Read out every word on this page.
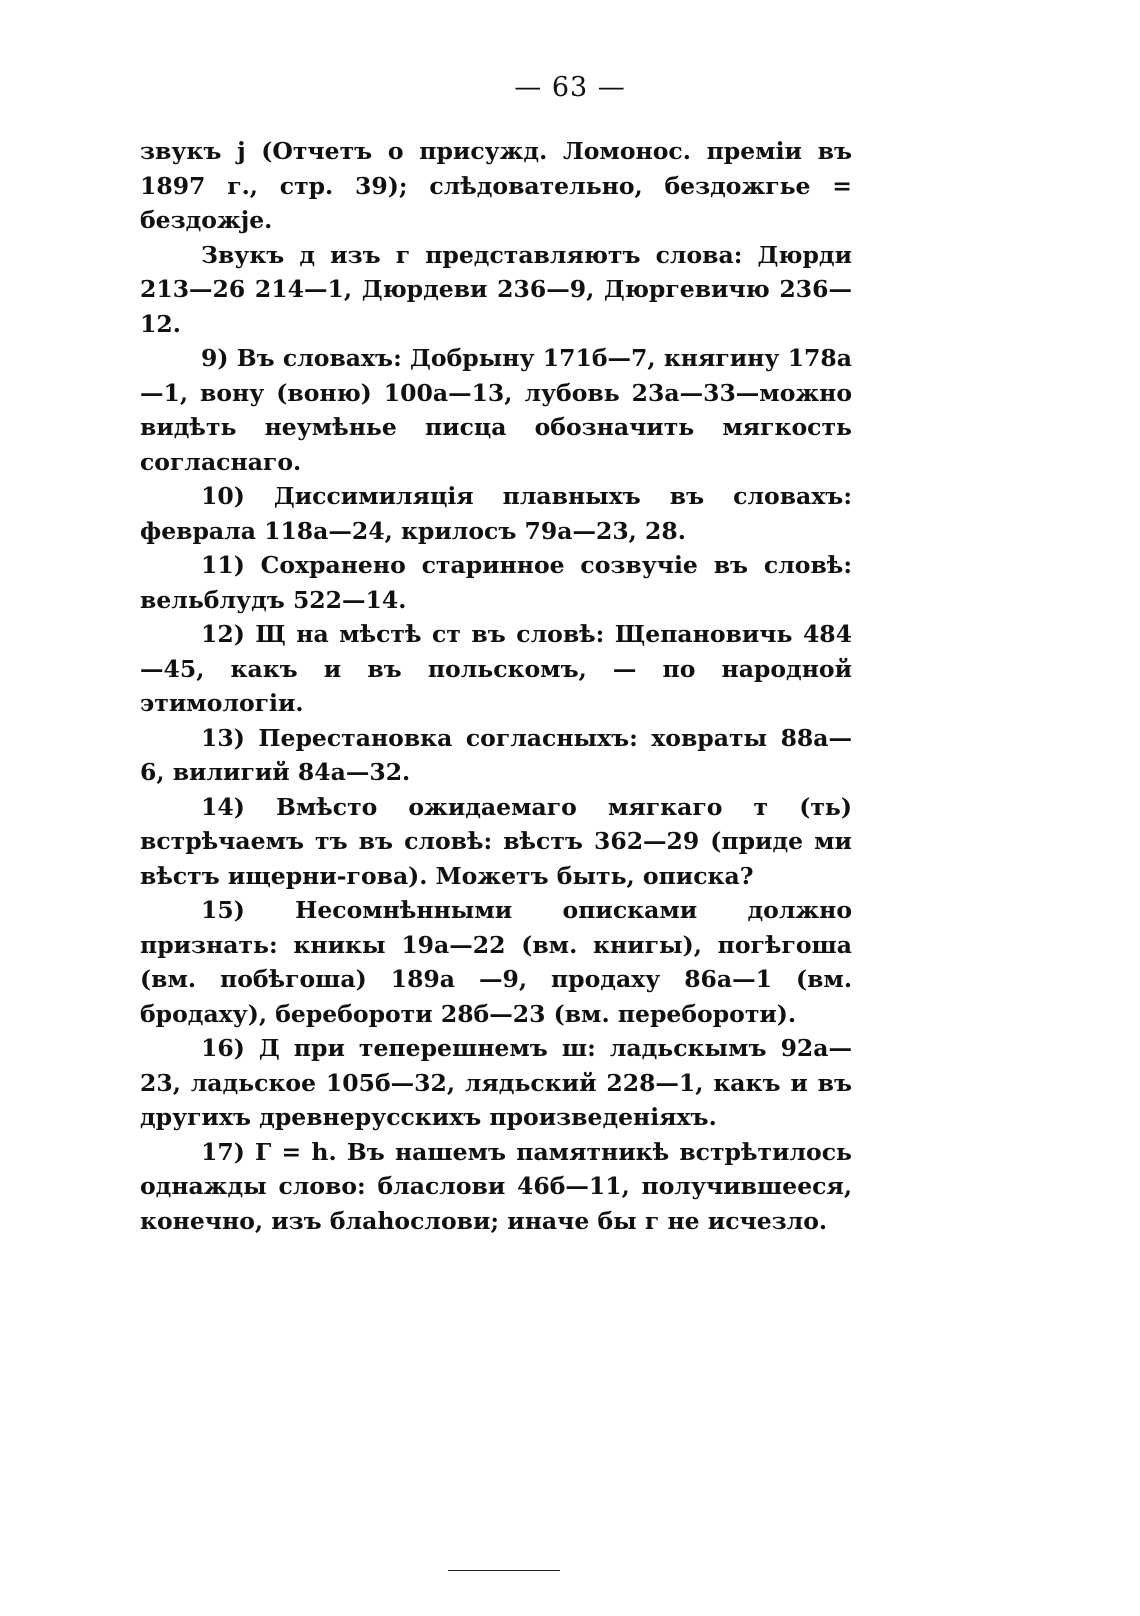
— 63 —

звукъ j (Отчетъ о присужд. Ломонос. преміи въ 1897 г., стр. 39); слѣдовательно, бездожгье = бездожје.

Звукъ д изъ г представляютъ слова: Дюрди 213—26 214—1, Дюрдеви 236—9, Дюргевичю 236—12.

9) Въ словахъ: Добрыну 171б—7, княгину 178а—1, вону (воню) 100а—13, лубовь 23а—33—можно видѣть неумѣнье писца обозначить мягкость согласнаго.

10) Диссимиляція плавныхъ въ словахъ: феврала 118а—24, крилосъ 79а—23, 28.

11) Сохранено старинное созвучіе въ словѣ: вельблудъ 522—14.

12) Щ на мѣстѣ ст въ словѣ: Щепановичь 484—45, какъ и въ польскомъ, — по народной этимологіи.

13) Перестановка согласныхъ: ховраты 88а—6, вилигий 84а—32.

14) Вмѣсто ожидаемаго мягкаго т (ть) встрѣчаемъ тъ въ словѣ: вѣстъ 362—29 (приде ми вѣстъ ищерни-гова). Можетъ быть, описка?

15) Несомнѣнными описками должно признать: кникы 19а—22 (вм. книгы), погѣгоша (вм. побѣгоша) 189а —9, продаху 86а—1 (вм. бродаху), беребороти 28б—23 (вм. перебороти).

16) Д при теперешнемъ ш: ладьскымъ 92а—23, ладьское 105б—32, лядьский 228—1, какъ и въ другихъ древнерусскихъ произведеніяхъ.

17) Г = h. Въ нашемъ памятникѣ встрѣтилось однажды слово: бласлови 46б—11, получившееся, конечно, изъ блаhослови; иначе бы г не исчезло.
